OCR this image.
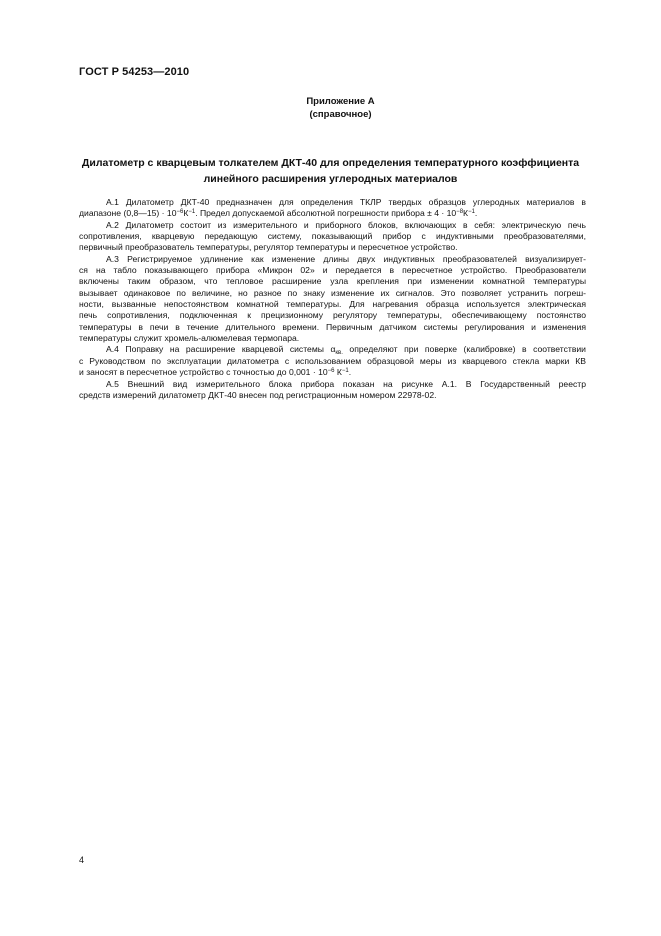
ГОСТ Р 54253—2010
Приложение А
(справочное)
Дилатометр с кварцевым толкателем ДКТ-40 для определения температурного коэффициента
линейного расширения углеродных материалов

А.1 Дилатометр ДКТ-40 предназначен для определения ТКЛР твердых образцов углеродных материалов в
диапазоне (0,8—15) · $10^{-6}К^{-1}$. Предел допускаемой абсолютной погрешности прибора ± $4 \cdot 10^{-8}К^{-1}$.

А.2 Дилатометр состоит из измерительного и приборного блоков, включающих в себя: электрическую печь
сопротивления, кварцевую передающую систему, показывающий прибор с индуктивными преобразователями,
первичный преобразователь температуры, регулятор температуры и пересчетное устройство.

А.3 Регистрируемое удлинение как изменение длины двух индуктивных преобразователей визуализирует-
ся на табло показывающего прибора «Микрон 02» и передается в пересчетное устройство. Преобразователи
включены таким образом, что тепловое расширение узла крепления при изменении комнатной температуры
вызывает одинаковое по величине, но разное по знаку изменение их сигналов. Это позволяет устранить погреш-
ности, вызванные непостоянством комнатной температуры. Для нагревания образца используется электрическая
печь сопротивления, подключенная к прецизионному регулятору температуры, обеспечивающему постоянство
температуры в печи в течение длительного времени. Первичным датчиком системы регулирования и изменения
температуры служит хромель-алюмелевая термопара.

А.4 Поправку на расширение кварцевой системы $\alpha_{кв.}$ определяют при поверке (калибровке) в соответствии
с Руководством по эксплуатации дилатометра с использованием образцовой меры из кварцевого стекла марки КВ
и заносят в пересчетное устройство с точностью до $0,001 \cdot 10^{-6}$ $К^{-1}$.

А.5 Внешний вид измерительного блока прибора показан на рисунке А.1. В Государственный реестр
средств измерений дилатометр ДКТ-40 внесен под регистрационным номером 22978-02.

4
